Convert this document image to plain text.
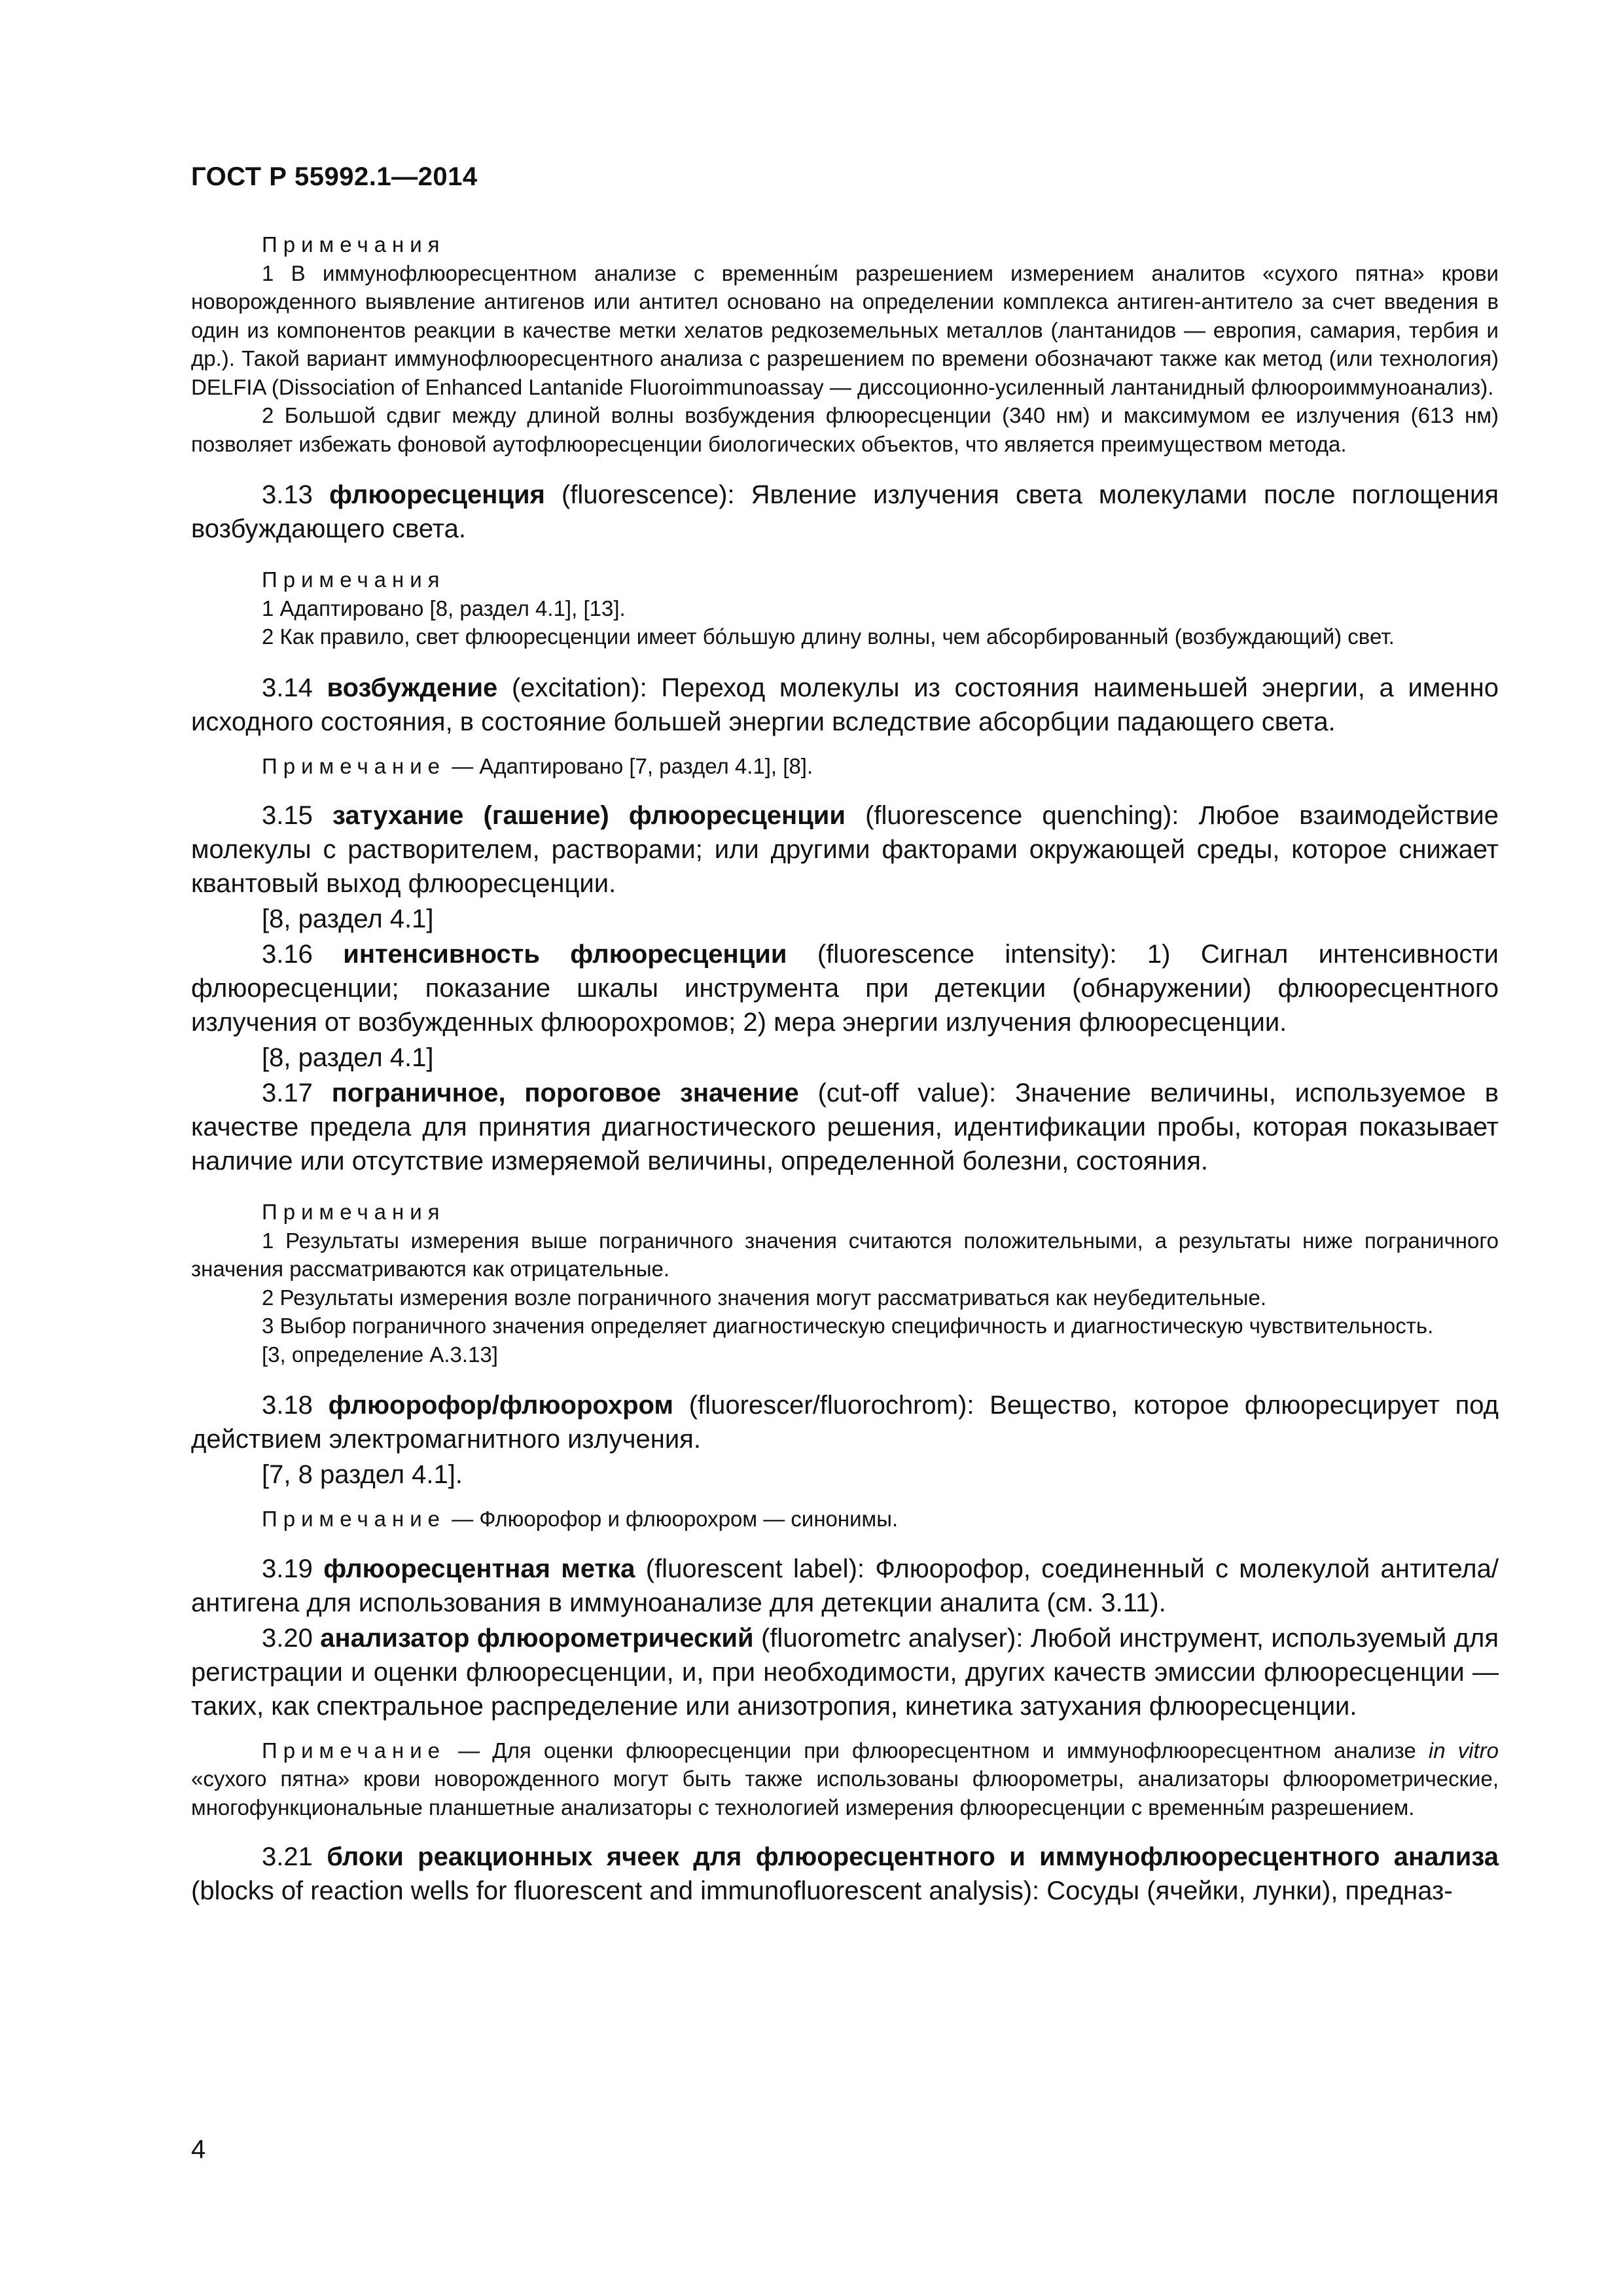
ГОСТ Р 55992.1—2014

Примечания

1 В иммунофлюоресцентном анализе с временны́м разрешением измерением аналитов «сухого пятна» крови новорожденного выявление антигенов или антител основано на определении комплекса антиген-антитело за счет введения в один из компонентов реакции в качестве метки хелатов редкоземельных металлов (лантанидов — европия, самария, тербия и др.). Такой вариант иммунофлюоресцентного анализа с разрешением по времени обозначают также как метод (или технология) DELFIA (Dissociation of Enhanced Lantanide Fluoroimmunoassay — диссоционно-усиленный лантанидный флюороиммуноанализ).

2 Большой сдвиг между длиной волны возбуждения флюоресценции (340 нм) и максимумом ее излучения (613 нм) позволяет избежать фоновой аутофлюоресценции биологических объектов, что является преимуществом метода.

3.13 флюоресценция (fluorescence): Явление излучения света молекулами после поглощения возбуждающего света.

Примечания

1 Адаптировано [8, раздел 4.1], [13].

2 Как правило, свет флюоресценции имеет бо́льшую длину волны, чем абсорбированный (возбуждающий) свет.

3.14 возбуждение (excitation): Переход молекулы из состояния наименьшей энергии, а именно исходного состояния, в состояние большей энергии вследствие абсорбции падающего света.

Примечание — Адаптировано [7, раздел 4.1], [8].

3.15 затухание (гашение) флюоресценции (fluorescence quenching): Любое взаимодействие молекулы с растворителем, растворами; или другими факторами окружающей среды, которое снижает квантовый выход флюоресценции.

[8, раздел 4.1]

3.16 интенсивность флюоресценции (fluorescence intensity): 1) Сигнал интенсивности флюоресценции; показание шкалы инструмента при детекции (обнаружении) флюоресцентного излучения от возбужденных флюорохромов; 2) мера энергии излучения флюоресценции.

[8, раздел 4.1]

3.17 пограничное, пороговое значение (cut-off value): Значение величины, используемое в качестве предела для принятия диагностического решения, идентификации пробы, которая показывает наличие или отсутствие измеряемой величины, определенной болезни, состояния.

Примечания

1 Результаты измерения выше пограничного значения считаются положительными, а результаты ниже пограничного значения рассматриваются как отрицательные.

2 Результаты измерения возле пограничного значения могут рассматриваться как неубедительные.

3 Выбор пограничного значения определяет диагностическую специфичность и диагностическую чувствительность.

[3, определение А.3.13]

3.18 флюорофор/флюорохром (fluorescer/fluorochrom): Вещество, которое флюоресцирует под действием электромагнитного излучения.

[7, 8 раздел 4.1].

Примечание — Флюорофор и флюорохром — синонимы.

3.19 флюоресцентная метка (fluorescent label): Флюорофор, соединенный с молекулой антитела/антигена для использования в иммуноанализе для детекции аналита (см. 3.11).

3.20 анализатор флюорометрический (fluorometrc analyser): Любой инструмент, используемый для регистрации и оценки флюоресценции, и, при необходимости, других качеств эмиссии флюоресценции — таких, как спектральное распределение или анизотропия, кинетика затухания флюоресценции.

Примечание — Для оценки флюоресценции при флюоресцентном и иммунофлюоресцентном анализе in vitro «сухого пятна» крови новорожденного могут быть также использованы флюорометры, анализаторы флюорометрические, многофункциональные планшетные анализаторы с технологией измерения флюоресценции с временны́м разрешением.

3.21 блоки реакционных ячеек для флюоресцентного и иммунофлюоресцентного анализа (blocks of reaction wells for fluorescent and immunofluorescent analysis): Сосуды (ячейки, лунки), предназ-

4
